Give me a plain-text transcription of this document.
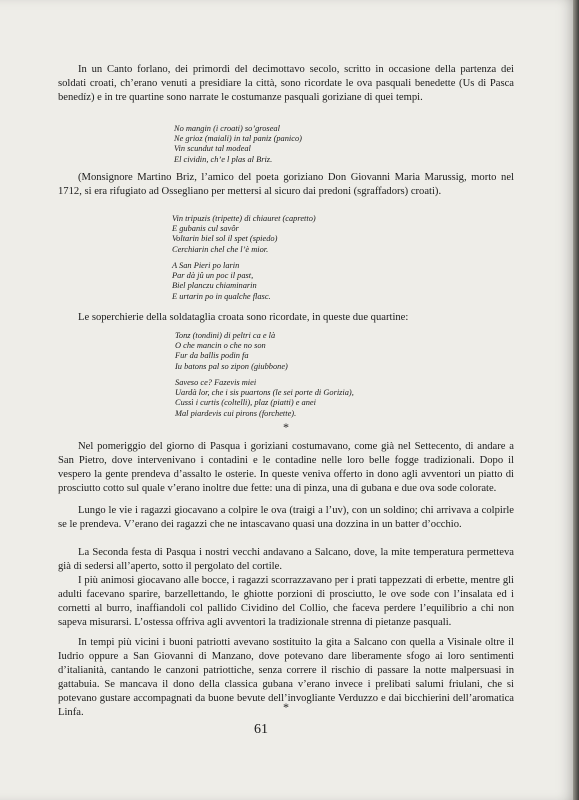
In un Canto forlano, dei primordi del decimottavo secolo, scritto in occasione della partenza dei soldati croati, ch’erano venuti a presidiare la città, sono ricordate le ova pasquali benedette (Us di Pasca benedíz) e in tre quartine sono narrate le costumanze pasquali goriziane di quei tempi.

No mangin (i croati) so’groseal
Ne grioz (maiali) in tal paniz (panico)
Vin scundut tal modeal
El cividin, ch’e l plas al Briz.

(Monsignore Martino Briz, l’amico del poeta goriziano Don Giovanni Maria Marussig, morto nel 1712, si era rifugiato ad Ossegliano per mettersi al sicuro dai predoni (sgraffadors) croati).

Vin tripuzis (tripette) di chiauret (capretto)
E gubanis cul savôr
Voltarin biel sol il spet (spiedo)
Cerchiarin chel che l’è mior.
A San Pieri po larin
Par dà jû un poc il past,
Biel planczu chiaminarin
E urtarin po in qualche flasc.

Le soperchierie della soldataglia croata sono ricordate, in queste due quartine:

Tonz (tondini) di peltri ca e là
O che mancin o che no son
Fur da ballis podin fa
Iu batons pal so zipon (giubbone)
Saveso ce? Fazevis miei
Uardà lor, che i sis puartons (le sei porte di Gorizia),
Cussì i curtis (coltelli), plaz (piatti) e anei
Mal piardevis cui pirons (forchette).
*

Nel pomeriggio del giorno di Pasqua i goriziani costumavano, come già nel Settecento, di andare a San Pietro, dove intervenivano i contadini e le contadine nelle loro belle fogge tradizionali. Dopo il vespero la gente prendeva d’assalto le osterie. In queste veniva offerto in dono agli avventori un piatto di prosciutto cotto sul quale v’erano inoltre due fette: una di pinza, una di gubana e due ova sode colorate.

Lungo le vie i ragazzi giocavano a colpire le ova (traigi a l’uv), con un soldino; chi arrivava a colpirle se le prendeva. V’erano dei ragazzi che ne intascavano quasi una dozzina in un batter d’occhio.

La Seconda festa di Pasqua i nostri vecchi andavano a Salcano, dove, la mite temperatura permetteva già di sedersi all’aperto, sotto il pergolato del cortile.

I più animosi giocavano alle bocce, i ragazzi scorrazzavano per i prati tappezzati di erbette, mentre gli adulti facevano sparire, barzellettando, le ghiotte porzioni di prosciutto, le ove sode con l’insalata ed i cornetti al burro, inaffiandoli col pallido Cividino del Collio, che faceva perdere l’equilibrio a chi non sapeva misurarsi. L’ostessa offriva agli avventori la tradizionale strenna di pietanze pasquali.

In tempi più vicini i buoni patriotti avevano sostituito la gita a Salcano con quella a Visinale oltre il Iudrio oppure a San Giovanni di Manzano, dove potevano dare liberamente sfogo ai loro sentimenti d’italianità, cantando le canzoni patriottiche, senza correre il rischio di passare la notte malpersuasi in gattabuia. Se mancava il dono della classica gubana v’erano invece i prelibati salumi friulani, che si potevano gustare accompagnati da buone bevute dell’invogliante Verduzzo e dai bicchierini dell’aromatica Linfa.	*
61
